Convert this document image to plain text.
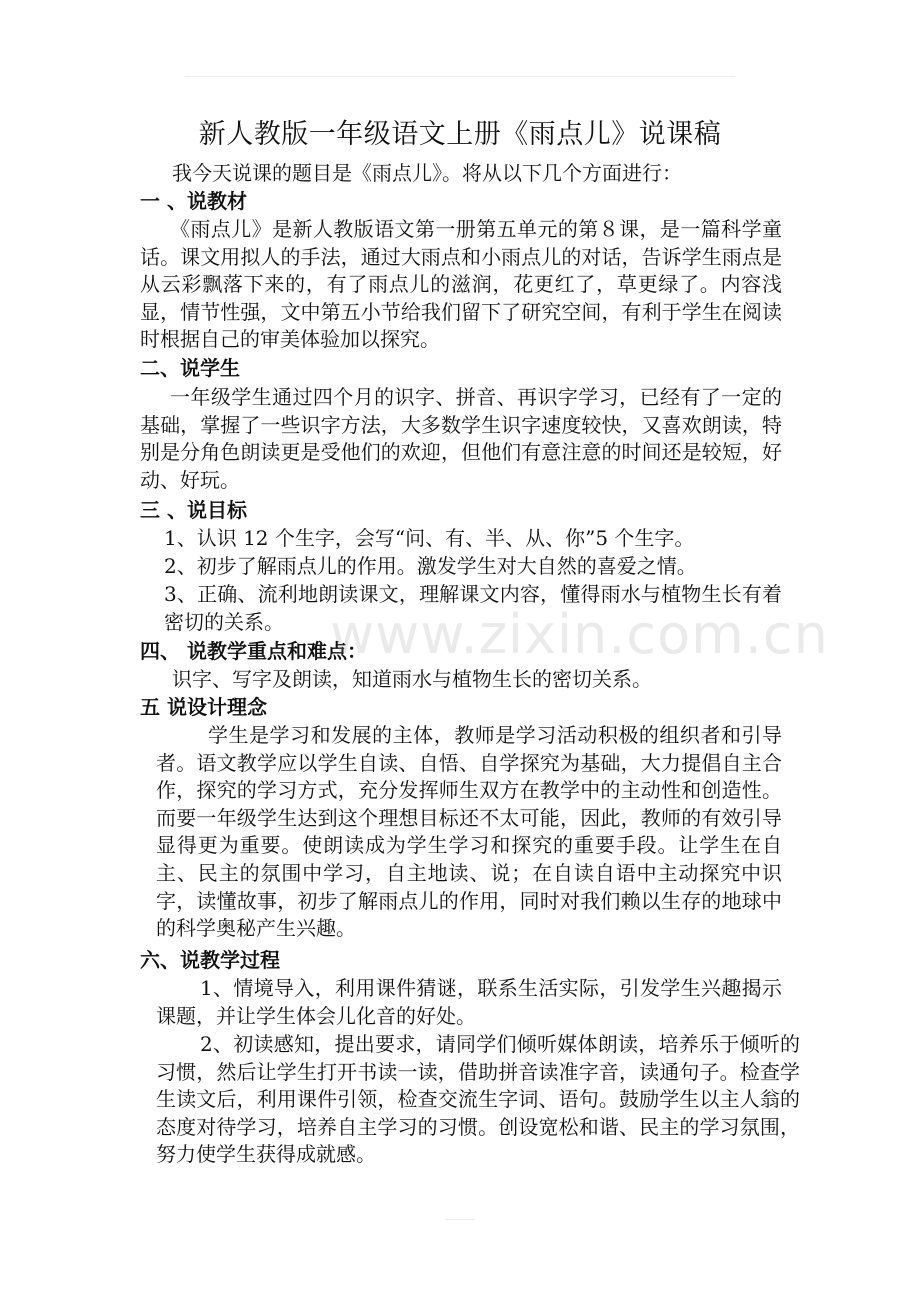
新人教版一年级语文上册《雨点儿》说课稿

我今天说课的题目是《雨点儿》。将从以下几个方面进行：

一 、说教材

《雨点儿》是新人教版语文第一册第五单元的第８课，是一篇科学童话。课文用拟人的手法，通过大雨点和小雨点儿的对话，告诉学生雨点是从云彩飘落下来的，有了雨点儿的滋润，花更红了，草更绿了。内容浅显，情节性强，文中第五小节给我们留下了研究空间，有利于学生在阅读时根据自己的审美体验加以探究。

二、说学生

一年级学生通过四个月的识字、拼音、再识字学习，已经有了一定的基础，掌握了一些识字方法，大多数学生识字速度较快，又喜欢朗读，特别是分角色朗读更是受他们的欢迎，但他们有意注意的时间还是较短，好动、好玩。

三 、说目标

1、认识 12 个生字，会写“问、有、半、从、你”5 个生字。

2、初步了解雨点儿的作用。激发学生对大自然的喜爱之情。

3、正确、流利地朗读课文，理解课文内容，懂得雨水与植物生长有着密切的关系。

四、 说教学重点和难点：

识字、写字及朗读，知道雨水与植物生长的密切关系。

五 说设计理念

学生是学习和发展的主体，教师是学习活动积极的组织者和引导者。语文教学应以学生自读、自悟、自学探究为基础，大力提倡自主合作，探究的学习方式，充分发挥师生双方在教学中的主动性和创造性。而要一年级学生达到这个理想目标还不太可能，因此，教师的有效引导显得更为重要。使朗读成为学生学习和探究的重要手段。让学生在自主、民主的氛围中学习，自主地读、说；在自读自语中主动探究中识字，读懂故事，初步了解雨点儿的作用，同时对我们赖以生存的地球中的科学奥秘产生兴趣。

六、说教学过程

1、情境导入，利用课件猜谜，联系生活实际，引发学生兴趣揭示课题，并让学生体会儿化音的好处。

2、初读感知，提出要求，请同学们倾听媒体朗读，培养乐于倾听的习惯，然后让学生打开书读一读，借助拼音读准字音，读通句子。检查学生读文后，利用课件引领，检查交流生字词、语句。鼓励学生以主人翁的态度对待学习，培养自主学习的习惯。创设宽松和谐、民主的学习氛围，努力使学生获得成就感。

www.zixin.com.cn
